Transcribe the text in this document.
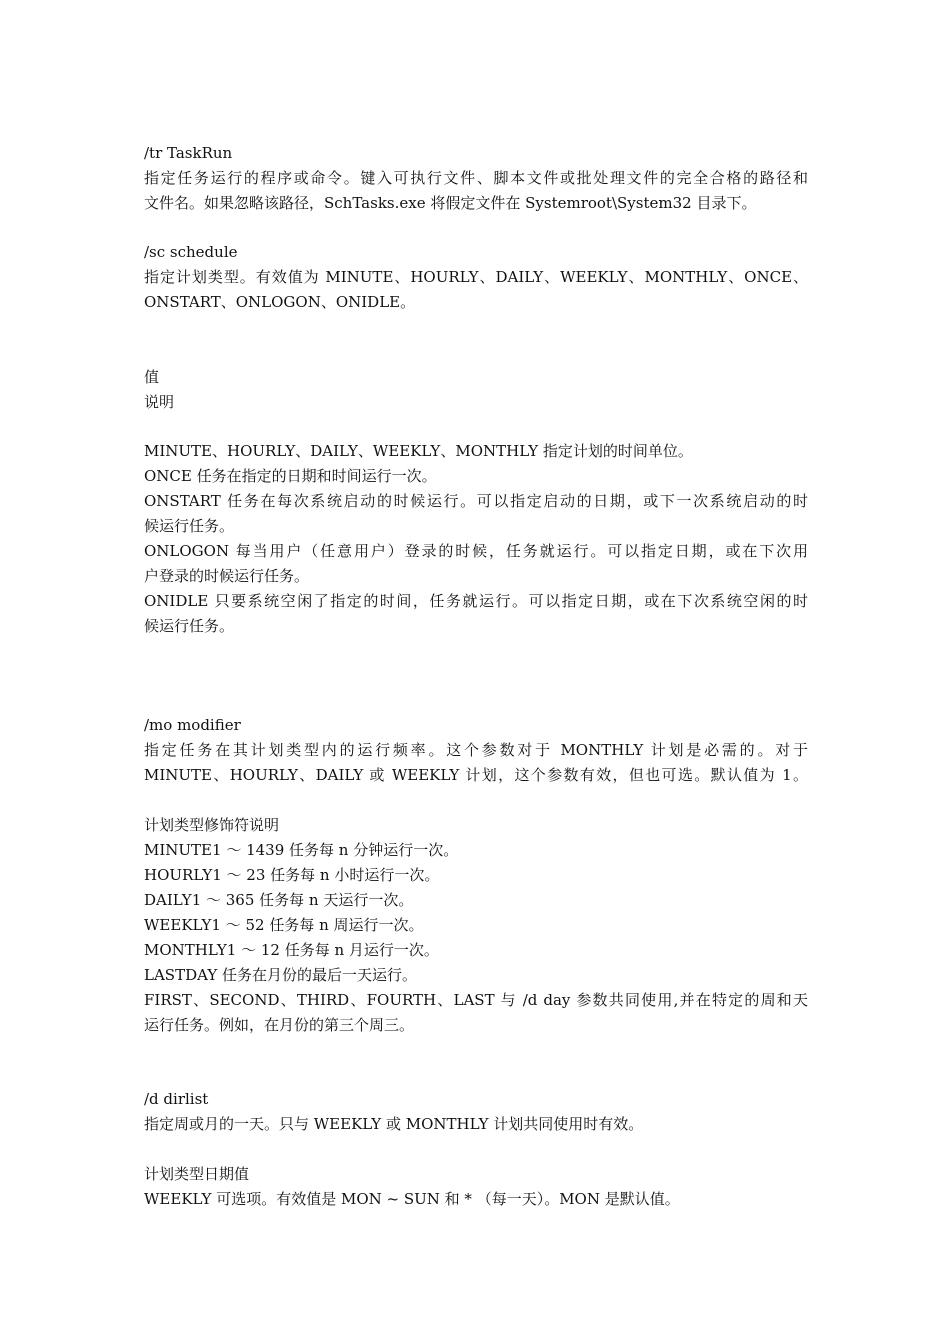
/tr TaskRun
指定任务运行的程序或命令。键入可执行文件、脚本文件或批处理文件的完全合格的路径和
文件名。如果忽略该路径，SchTasks.exe 将假定文件在 Systemroot\System32 目录下。
/sc schedule
指定计划类型。有效值为 MINUTE、HOURLY、DAILY、WEEKLY、MONTHLY、ONCE、
ONSTART、ONLOGON、ONIDLE。
值
说明
MINUTE、HOURLY、DAILY、WEEKLY、MONTHLY 指定计划的时间单位。
ONCE 任务在指定的日期和时间运行一次。
ONSTART 任务在每次系统启动的时候运行。可以指定启动的日期，或下一次系统启动的时
候运行任务。
ONLOGON 每当用户（任意用户）登录的时候，任务就运行。可以指定日期，或在下次用
户登录的时候运行任务。
ONIDLE 只要系统空闲了指定的时间，任务就运行。可以指定日期，或在下次系统空闲的时
候运行任务。
/mo modifier
指定任务在其计划类型内的运行频率。这个参数对于 MONTHLY 计划是必需的。对于
MINUTE、HOURLY、DAILY 或 WEEKLY 计划，这个参数有效，但也可选。默认值为 1。
计划类型修饰符说明
MINUTE1 ～ 1439 任务每 n 分钟运行一次。
HOURLY1 ～ 23 任务每 n 小时运行一次。
DAILY1 ～ 365 任务每 n 天运行一次。
WEEKLY1 ～ 52 任务每 n 周运行一次。
MONTHLY1 ～ 12 任务每 n 月运行一次。
LASTDAY 任务在月份的最后一天运行。
FIRST、SECOND、THIRD、FOURTH、LAST 与 /d day 参数共同使用,并在特定的周和天
运行任务。例如，在月份的第三个周三。
/d dirlist
指定周或月的一天。只与 WEEKLY 或 MONTHLY 计划共同使用时有效。
计划类型日期值
WEEKLY 可选项。有效值是 MON ~ SUN 和 * （每一天）。MON 是默认值。
